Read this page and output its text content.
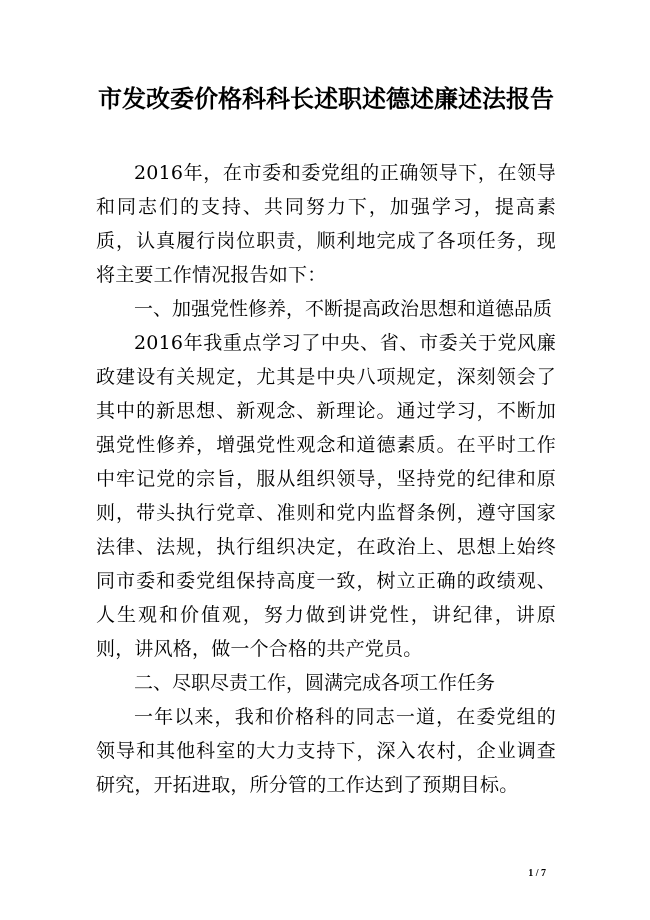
市发改委价格科科长述职述德述廉述法报告

2016年，在市委和委党组的正确领导下，在领导和同志们的支持、共同努力下，加强学习，提高素质，认真履行岗位职责，顺利地完成了各项任务，现将主要工作情况报告如下：

一、加强党性修养，不断提高政治思想和道德品质

2016年我重点学习了中央、省、市委关于党风廉政建设有关规定，尤其是中央八项规定，深刻领会了其中的新思想、新观念、新理论。通过学习，不断加强党性修养，增强党性观念和道德素质。在平时工作中牢记党的宗旨，服从组织领导，坚持党的纪律和原则，带头执行党章、准则和党内监督条例，遵守国家法律、法规，执行组织决定，在政治上、思想上始终同市委和委党组保持高度一致，树立正确的政绩观、人生观和价值观，努力做到讲党性，讲纪律，讲原则，讲风格，做一个合格的共产党员。

二、尽职尽责工作，圆满完成各项工作任务

一年以来，我和价格科的同志一道，在委党组的领导和其他科室的大力支持下，深入农村，企业调查研究，开拓进取，所分管的工作达到了预期目标。

1 / 7
